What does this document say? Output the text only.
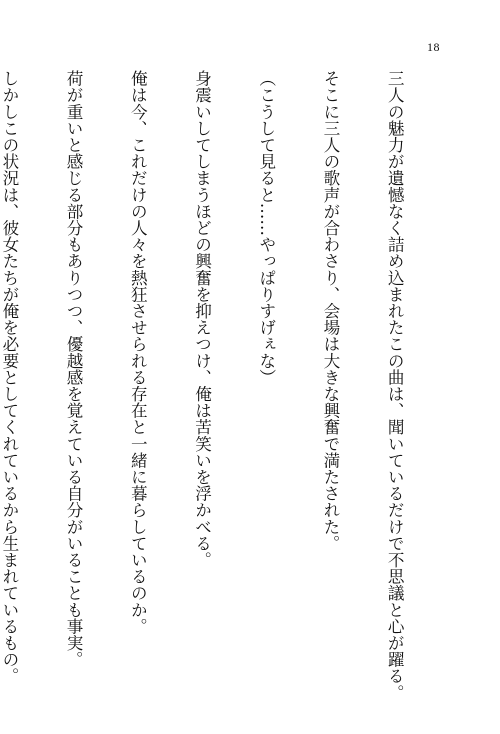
18

三人の魅力が遺憾なく詰め込まれたこの曲は、聞いているだけで不思議と心が躍る。

そこに三人の歌声が合わさり、会場は大きな興奮で満たされた。

（こうして見ると……やっぱりすげぇな）

身震いしてしまうほどの興奮を抑えつけ、俺は苦笑いを浮かべる。

俺は今、これだけの人々を熱狂させられる存在と一緒に暮らしているのか。

荷が重いと感じる部分もありつつ、優越感を覚えている自分がいることも事実。

しかしこの状況は、彼女たちが俺を必要としてくれているから生まれているもの。
